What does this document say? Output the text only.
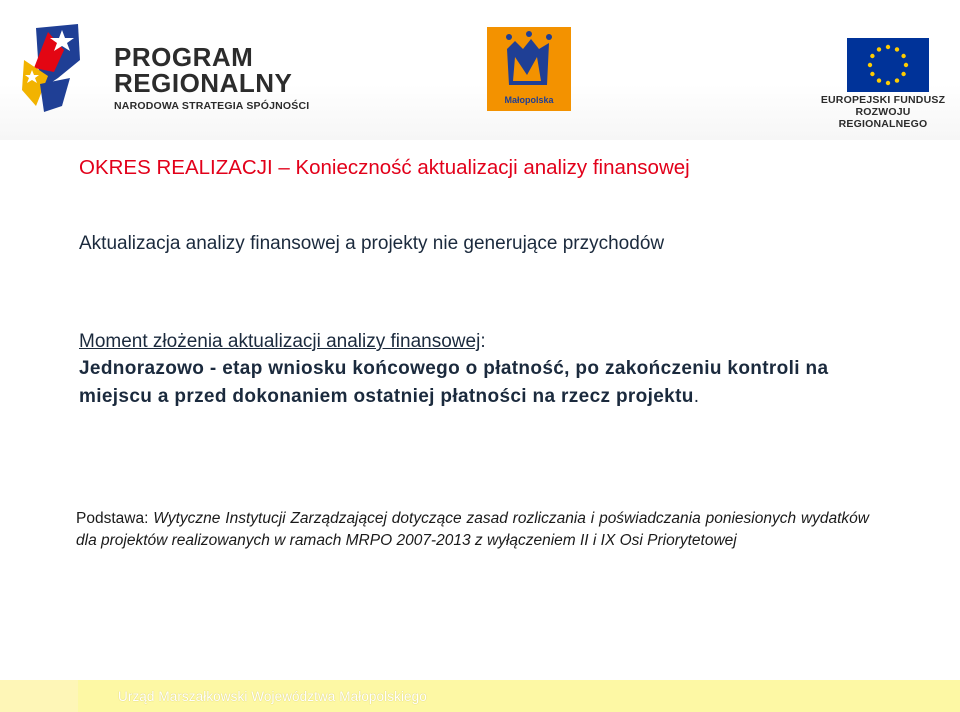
PROGRAM
REGIONALNY
NARODOWA STRATEGIA SPÓJNOŚCI	Małopolska	EUROPEJSKI FUNDUSZ
ROZWOJU REGIONALNEGO
OKRES REALIZACJI – Konieczność aktualizacji analizy finansowej

Aktualizacja analizy finansowej a projekty nie generujące przychodów

Moment złożenia aktualizacji analizy finansowej:
Jednorazowo - etap wniosku końcowego o płatność, po zakończeniu kontroli na miejscu a przed dokonaniem ostatniej płatności na rzecz projektu.
Podstawa: Wytyczne Instytucji Zarządzającej dotyczące zasad rozliczania i poświadczania poniesionych wydatków dla projektów realizowanych w ramach MRPO 2007-2013 z wyłączeniem II i IX Osi Priorytetowej
Urząd Marszałkowski Województwa Małopolskiego
